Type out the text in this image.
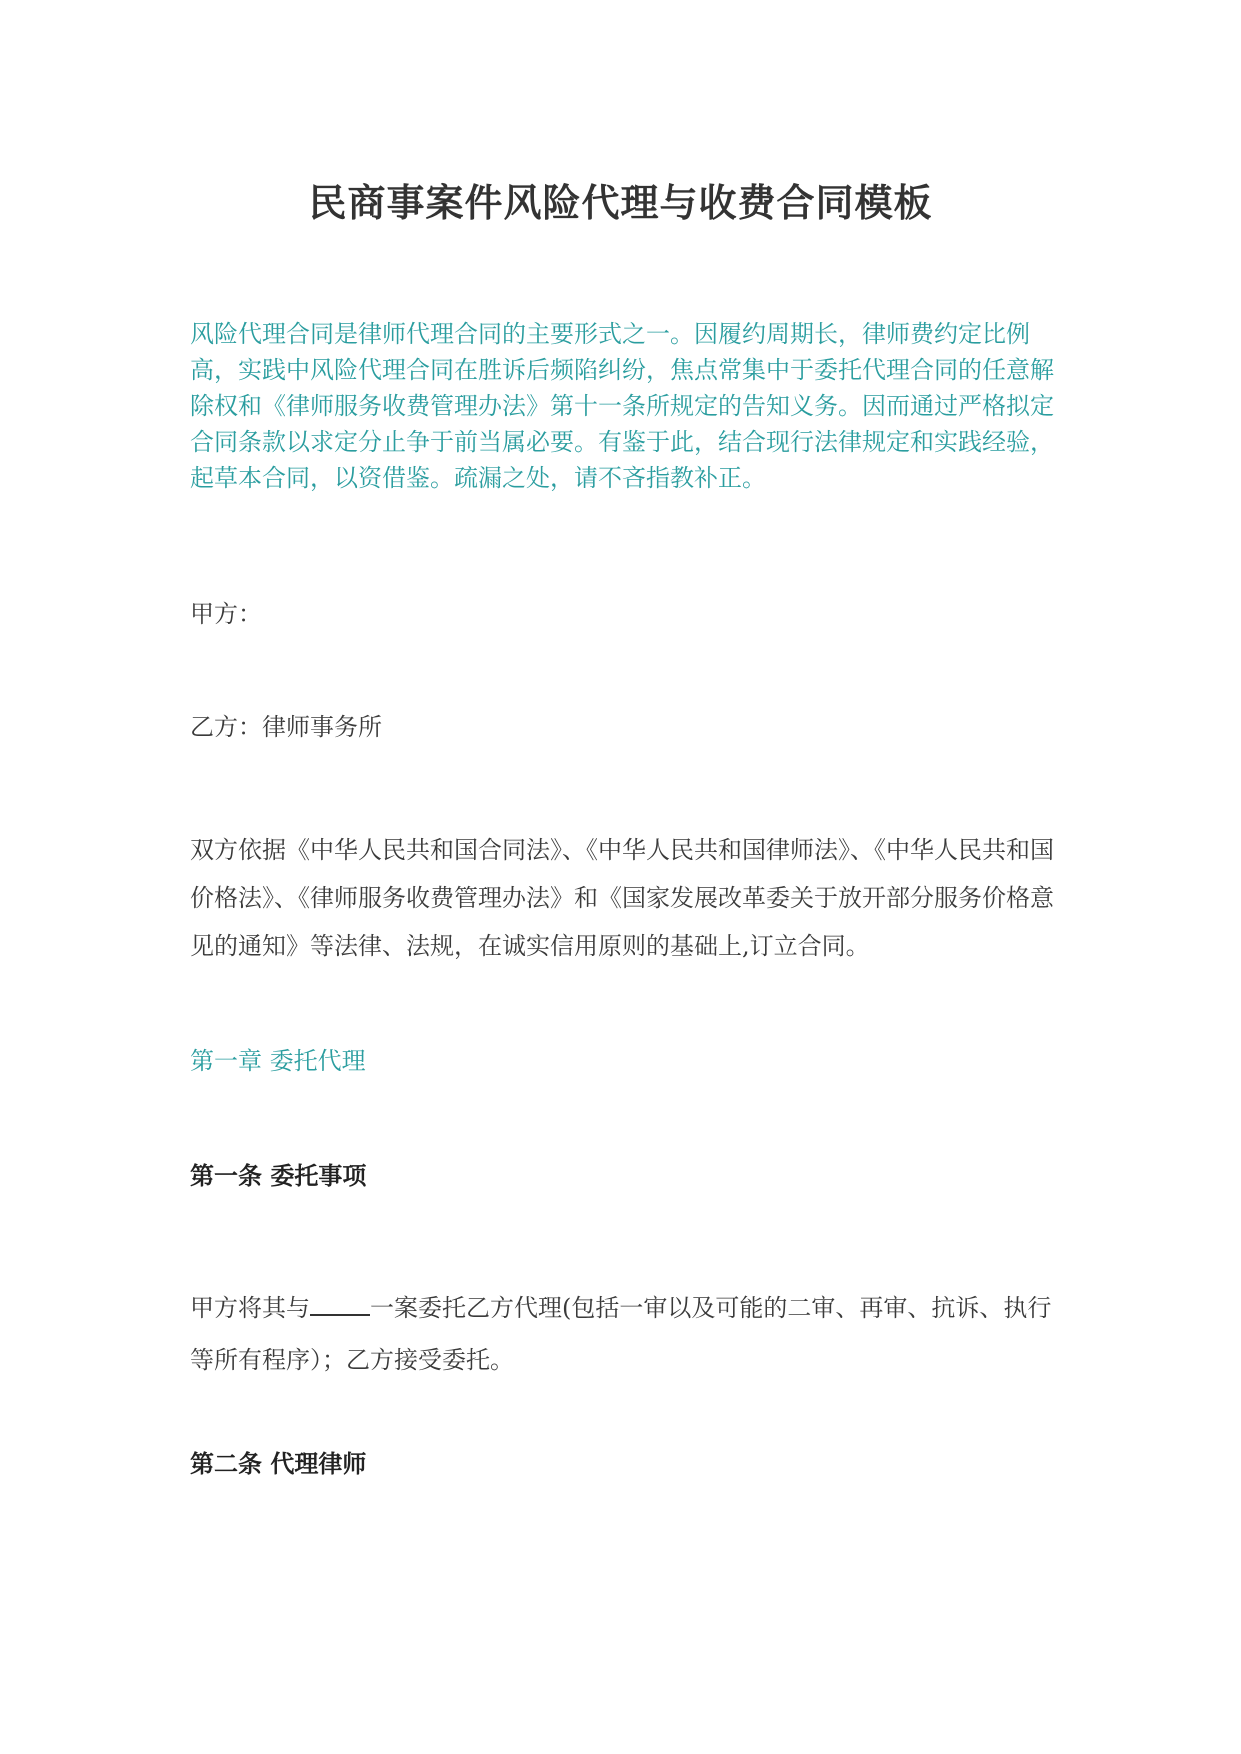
民商事案件风险代理与收费合同模板
风险代理合同是律师代理合同的主要形式之一。因履约周期长，律师费约定比例高，实践中风险代理合同在胜诉后频陷纠纷，焦点常集中于委托代理合同的任意解除权和《律师服务收费管理办法》第十一条所规定的告知义务。因而通过严格拟定合同条款以求定分止争于前当属必要。有鉴于此，结合现行法律规定和实践经验，起草本合同，以资借鉴。疏漏之处，请不吝指教补正。
甲方：
乙方：律师事务所
双方依据《中华人民共和国合同法》、《中华人民共和国律师法》、《中华人民共和国价格法》、《律师服务收费管理办法》和《国家发展改革委关于放开部分服务价格意见的通知》等法律、法规，在诚实信用原则的基础上,订立合同。
第一章 委托代理
第一条 委托事项
甲方将其与	一案委托乙方代理(包括一审以及可能的二审、再审、抗诉、执行等所有程序）；乙方接受委托。
第二条 代理律师
